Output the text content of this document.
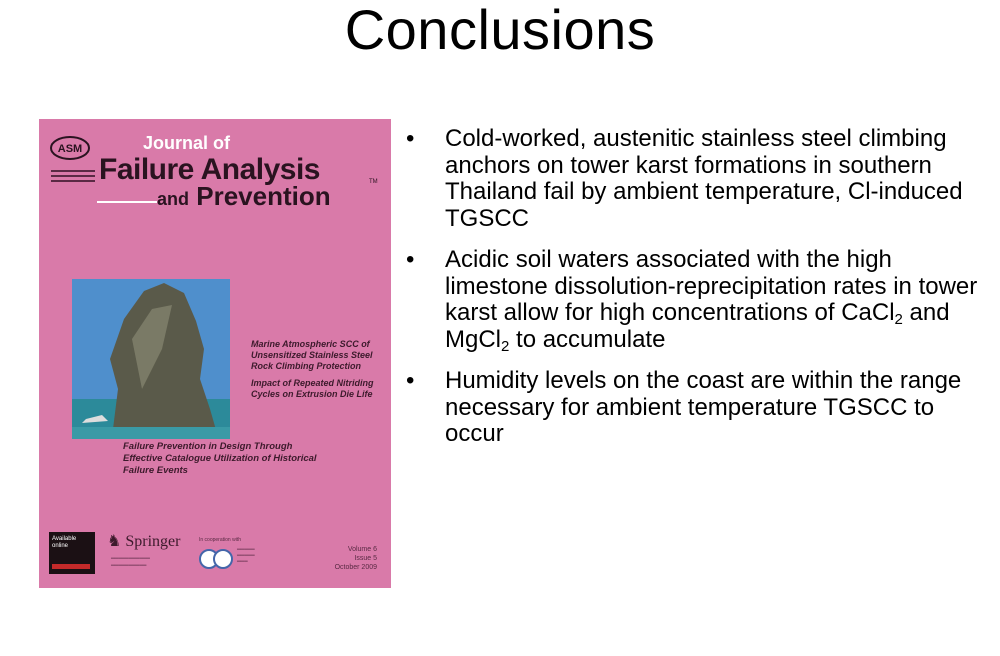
Conclusions
ASM	Journal of
Failure Analysis
and Prevention	TM
Marine Atmospheric SCC of Unsensitized Stainless Steel Rock Climbing Protection
Impact of Repeated Nitriding Cycles on Extrusion Die Life
Failure Prevention in Design Through Effective Catalogue Utilization of Historical Failure Events
Available online	♞ Springer
═══════════
══════════
In cooperation with
═════
═════
═══
Volume 6
Issue 5
October 2009
• Cold-worked, austenitic stainless steel climbing anchors on tower karst formations in southern Thailand fail by ambient temperature, Cl-induced TGSCC
• Acidic soil waters associated with the high limestone dissolution-reprecipitation rates in tower karst allow for high concentrations of CaCl$_2$ and MgCl$_2$ to accumulate
• Humidity levels on the coast are within the range necessary for ambient temperature TGSCC to occur
